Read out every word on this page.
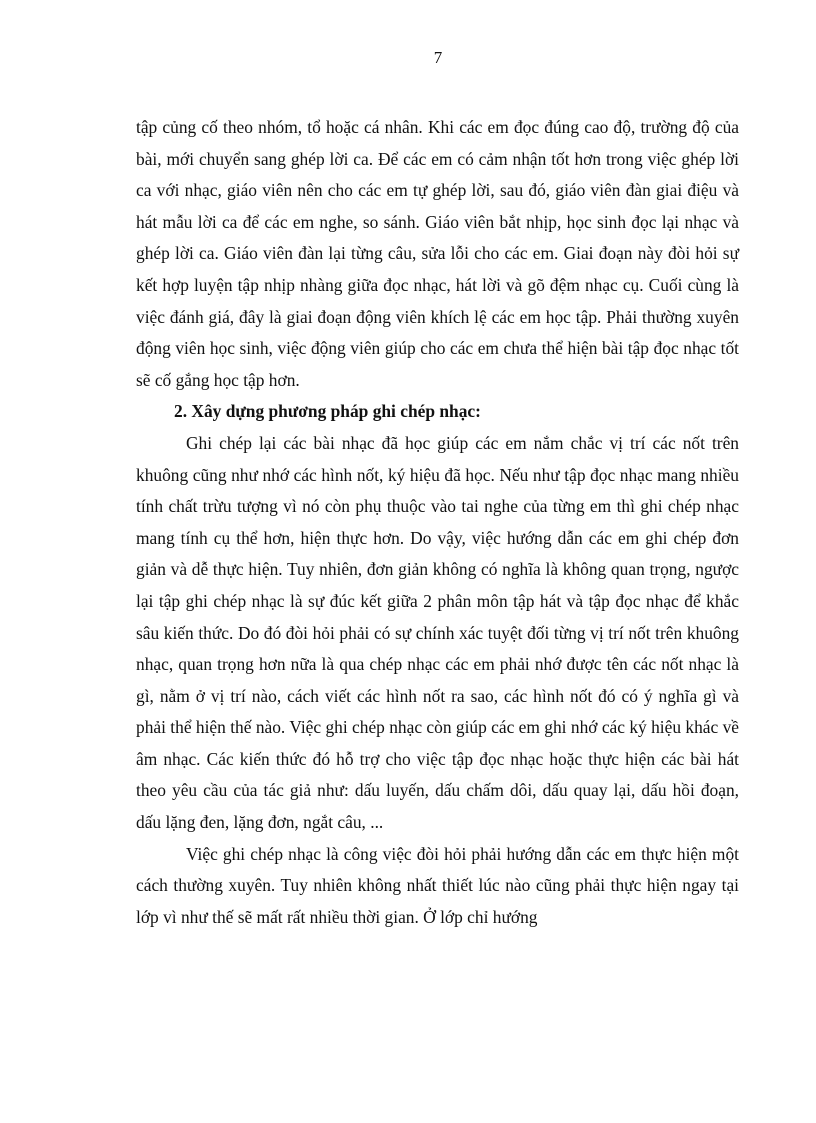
7

tập củng cố theo nhóm, tổ hoặc cá nhân. Khi các em đọc đúng cao độ, trường độ của bài, mới chuyển sang ghép lời ca. Để các em có cảm nhận tốt hơn trong việc ghép lời ca với nhạc, giáo viên nên cho các em tự ghép lời, sau đó, giáo viên đàn giai điệu và hát mẫu lời ca để các em nghe, so sánh. Giáo viên bắt nhịp, học sinh đọc lại nhạc và ghép lời ca. Giáo viên đàn lại từng câu, sửa lỗi cho các em. Giai đoạn này đòi hỏi sự kết hợp luyện tập nhịp nhàng giữa đọc nhạc, hát lời và gõ đệm nhạc cụ. Cuối cùng là việc đánh giá, đây là giai đoạn động viên khích lệ các em học tập. Phải thường xuyên động viên học sinh, việc động viên giúp cho các em chưa thể hiện bài tập đọc nhạc tốt sẽ cố gắng học tập hơn.

2. Xây dựng phương pháp ghi chép nhạc:

Ghi chép lại các bài nhạc đã học giúp các em nắm chắc vị trí các nốt trên khuông cũng như nhớ các hình nốt, ký hiệu đã học. Nếu như tập đọc nhạc mang nhiều tính chất trừu tượng vì nó còn phụ thuộc vào tai nghe của từng em thì ghi chép nhạc mang tính cụ thể hơn, hiện thực hơn. Do vậy, việc hướng dẫn các em ghi chép đơn giản và dễ thực hiện. Tuy nhiên, đơn giản không có nghĩa là không quan trọng, ngược lại tập ghi chép nhạc là sự đúc kết giữa 2 phân môn tập hát và tập đọc nhạc để khắc sâu kiến thức. Do đó đòi hỏi phải có sự chính xác tuyệt đối từng vị trí nốt trên khuông nhạc, quan trọng hơn nữa là qua chép nhạc các em phải nhớ được tên các nốt nhạc là gì, nằm ở vị trí nào, cách viết các hình nốt ra sao, các hình nốt đó có ý nghĩa gì và phải thể hiện thế nào. Việc ghi chép nhạc còn giúp các em ghi nhớ các ký hiệu khác về âm nhạc. Các kiến thức đó hỗ trợ cho việc tập đọc nhạc hoặc thực hiện các bài hát theo yêu cầu của tác giả như: dấu luyến, dấu chấm dôi, dấu quay lại, dấu hồi đoạn, dấu lặng đen, lặng đơn, ngắt câu, ...

Việc ghi chép nhạc là công việc đòi hỏi phải hướng dẫn các em thực hiện một cách thường xuyên. Tuy nhiên không nhất thiết lúc nào cũng phải thực hiện ngay tại lớp vì như thế sẽ mất rất nhiều thời gian. Ở lớp chỉ hướng
